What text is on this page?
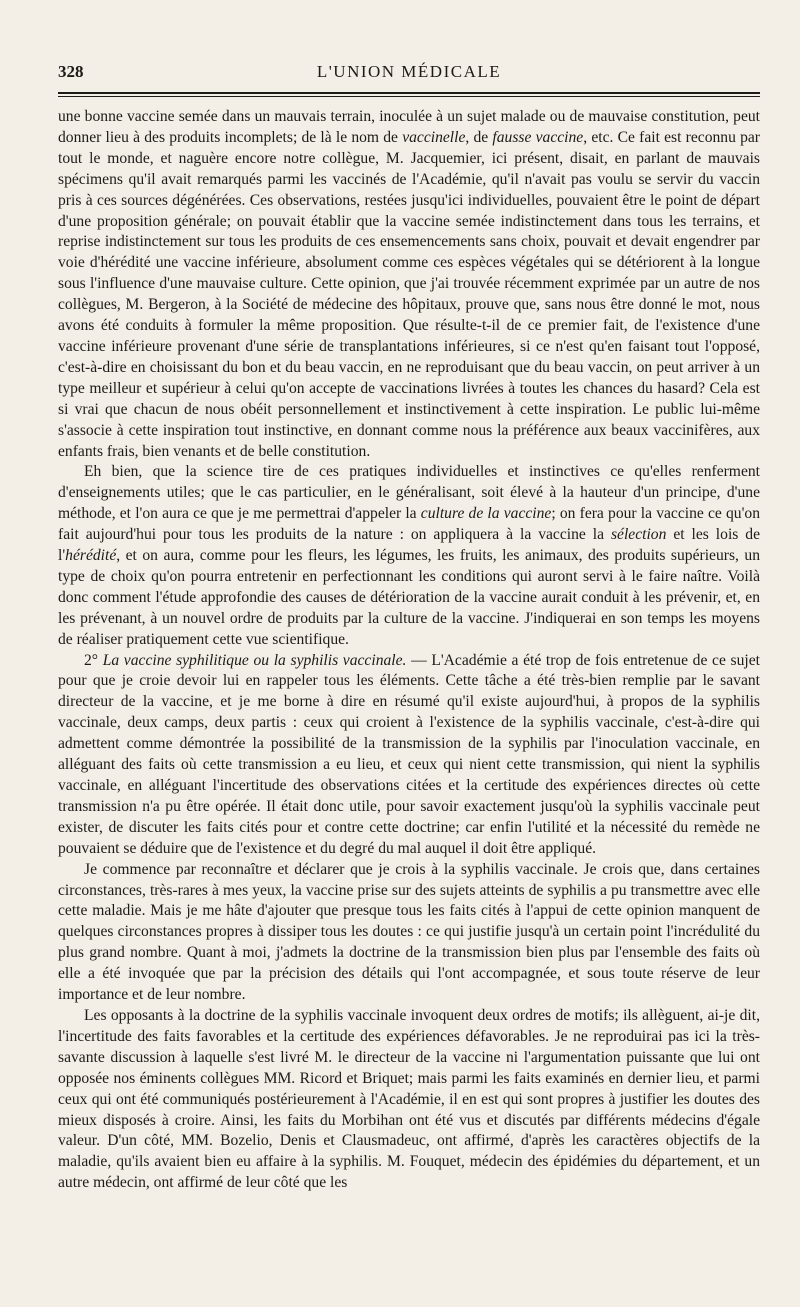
328	L'UNION MÉDICALE

une bonne vaccine semée dans un mauvais terrain, inoculée à un sujet malade ou de mauvaise constitution, peut donner lieu à des produits incomplets; de là le nom de vaccinelle, de fausse vaccine, etc. Ce fait est reconnu par tout le monde, et naguère encore notre collègue, M. Jacquemier, ici présent, disait, en parlant de mauvais spécimens qu'il avait remarqués parmi les vaccinés de l'Académie, qu'il n'avait pas voulu se servir du vaccin pris à ces sources dégénérées. Ces observations, restées jusqu'ici individuelles, pouvaient être le point de départ d'une proposition générale; on pouvait établir que la vaccine semée indistinctement dans tous les terrains, et reprise indistinctement sur tous les produits de ces ensemencements sans choix, pouvait et devait engendrer par voie d'hérédité une vaccine inférieure, absolument comme ces espèces végétales qui se détériorent à la longue sous l'influence d'une mauvaise culture. Cette opinion, que j'ai trouvée récemment exprimée par un autre de nos collègues, M. Bergeron, à la Société de médecine des hôpitaux, prouve que, sans nous être donné le mot, nous avons été conduits à formuler la même proposition. Que résulte-t-il de ce premier fait, de l'existence d'une vaccine inférieure provenant d'une série de transplantations inférieures, si ce n'est qu'en faisant tout l'opposé, c'est-à-dire en choisissant du bon et du beau vaccin, en ne reproduisant que du beau vaccin, on peut arriver à un type meilleur et supérieur à celui qu'on accepte de vaccinations livrées à toutes les chances du hasard? Cela est si vrai que chacun de nous obéit personnellement et instinctivement à cette inspiration. Le public lui-même s'associe à cette inspiration tout instinctive, en donnant comme nous la préférence aux beaux vaccinifères, aux enfants frais, bien venants et de belle constitution.

Eh bien, que la science tire de ces pratiques individuelles et instinctives ce qu'elles renferment d'enseignements utiles; que le cas particulier, en le généralisant, soit élevé à la hauteur d'un principe, d'une méthode, et l'on aura ce que je me permettrai d'appeler la culture de la vaccine; on fera pour la vaccine ce qu'on fait aujourd'hui pour tous les produits de la nature : on appliquera à la vaccine la sélection et les lois de l'hérédité, et on aura, comme pour les fleurs, les légumes, les fruits, les animaux, des produits supérieurs, un type de choix qu'on pourra entretenir en perfectionnant les conditions qui auront servi à le faire naître. Voilà donc comment l'étude approfondie des causes de détérioration de la vaccine aurait conduit à les prévenir, et, en les prévenant, à un nouvel ordre de produits par la culture de la vaccine. J'indiquerai en son temps les moyens de réaliser pratiquement cette vue scientifique.

2° La vaccine syphilitique ou la syphilis vaccinale. — L'Académie a été trop de fois entretenue de ce sujet pour que je croie devoir lui en rappeler tous les éléments. Cette tâche a été très-bien remplie par le savant directeur de la vaccine, et je me borne à dire en résumé qu'il existe aujourd'hui, à propos de la syphilis vaccinale, deux camps, deux partis : ceux qui croient à l'existence de la syphilis vaccinale, c'est-à-dire qui admettent comme démontrée la possibilité de la transmission de la syphilis par l'inoculation vaccinale, en alléguant des faits où cette transmission a eu lieu, et ceux qui nient cette transmission, qui nient la syphilis vaccinale, en alléguant l'incertitude des observations citées et la certitude des expériences directes où cette transmission n'a pu être opérée. Il était donc utile, pour savoir exactement jusqu'où la syphilis vaccinale peut exister, de discuter les faits cités pour et contre cette doctrine; car enfin l'utilité et la nécessité du remède ne pouvaient se déduire que de l'existence et du degré du mal auquel il doit être appliqué.

Je commence par reconnaître et déclarer que je crois à la syphilis vaccinale. Je crois que, dans certaines circonstances, très-rares à mes yeux, la vaccine prise sur des sujets atteints de syphilis a pu transmettre avec elle cette maladie. Mais je me hâte d'ajouter que presque tous les faits cités à l'appui de cette opinion manquent de quelques circonstances propres à dissiper tous les doutes : ce qui justifie jusqu'à un certain point l'incrédulité du plus grand nombre. Quant à moi, j'admets la doctrine de la transmission bien plus par l'ensemble des faits où elle a été invoquée que par la précision des détails qui l'ont accompagnée, et sous toute réserve de leur importance et de leur nombre.

Les opposants à la doctrine de la syphilis vaccinale invoquent deux ordres de motifs; ils allèguent, ai-je dit, l'incertitude des faits favorables et la certitude des expériences défavorables. Je ne reproduirai pas ici la très-savante discussion à laquelle s'est livré M. le directeur de la vaccine ni l'argumentation puissante que lui ont opposée nos éminents collègues MM. Ricord et Briquet; mais parmi les faits examinés en dernier lieu, et parmi ceux qui ont été communiqués postérieurement à l'Académie, il en est qui sont propres à justifier les doutes des mieux disposés à croire. Ainsi, les faits du Morbihan ont été vus et discutés par différents médecins d'égale valeur. D'un côté, MM. Bozelio, Denis et Clausmadeuc, ont affirmé, d'après les caractères objectifs de la maladie, qu'ils avaient bien eu affaire à la syphilis. M. Fouquet, médecin des épidémies du département, et un autre médecin, ont affirmé de leur côté que les
